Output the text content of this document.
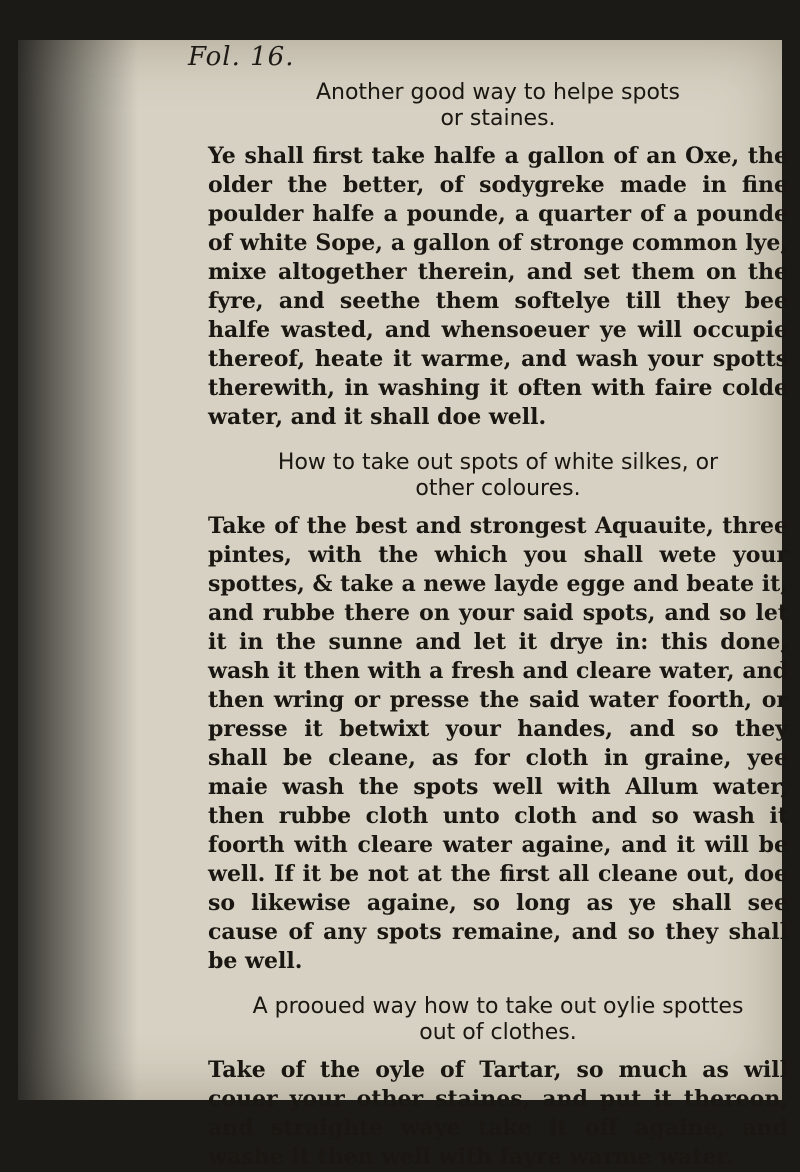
Fol. 16.

Another good way to helpe spots
or staines.

Ye shall first take halfe a gallon of an Oxe, the older the better, of sodygreke made in fine poulder halfe a pounde, a quarter of a pounde of white Sope, a gallon of stronge common lye, mixe altogether therein, and set them on the fyre, and seethe them softelye till they bee halfe wasted, and whensoeuer ye will occupie thereof, heate it warme, and wash your spotts therewith, in washing it often with faire colde water, and it shall doe well.

How to take out spots of white silkes, or
other coloures.

Take of the best and strongest Aquauite, three pintes, with the which you shall wete your spottes, & take a newe layde egge and beate it, and rubbe there on your said spots, and so let it in the sunne and let it drye in: this done, wash it then with a fresh and cleare water, and then wring or presse the said water foorth, or presse it betwixt your handes, and so they shall be cleane, as for cloth in graine, yee maie wash the spots well with Allum water, then rubbe cloth unto cloth and so wash it foorth with cleare water againe, and it will be well. If it be not at the first all cleane out, doe so likewise againe, so long as ye shall see cause of any spots remaine, and so they shall be well.

A prooued way how to take out oylie spottes
out of clothes.

Take of the oyle of Tartar, so much as will couer your other staines, and put it thereon, and straighte waye take it off againe, and washe it then well with fayre warme water.
